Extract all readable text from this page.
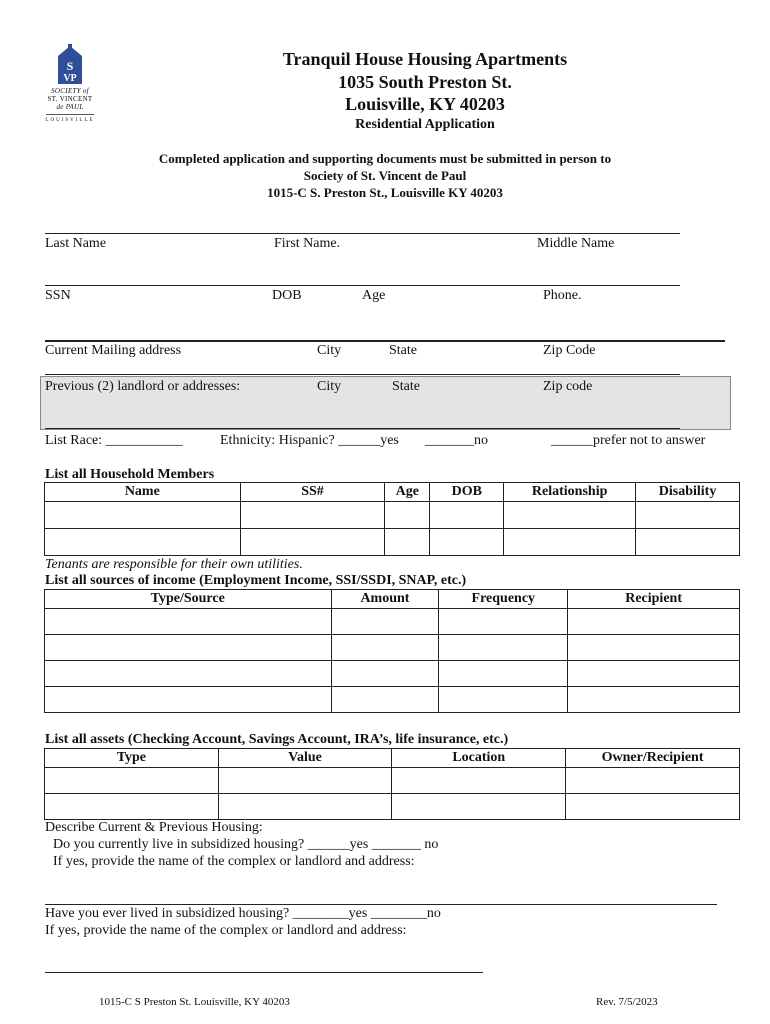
S
VP
SOCIETY of
ST. VINCENT
de PAUL
LOUISVILLE
Tranquil House Housing Apartments
1035 South Preston St.
Louisville, KY 40203
Residential Application
Completed application and supporting documents must be submitted in person to
Society of St. Vincent de Paul
1015-C S. Preston St., Louisville KY 40203
Last Name	First Name.	Middle Name
SSN	DOB	Age	Phone.
Current Mailing address	City	State	Zip Code
Previous (2) landlord or addresses:	City	State	Zip code
List Race: ___________	Ethnicity: Hispanic? ______yes _______no	______prefer not to answer
List all Household Members
Name	SS#	Age	DOB	Relationship	Disability

Tenants are responsible for their own utilities.
List all sources of income (Employment Income, SSI/SSDI, SNAP, etc.)
Type/Source	Amount	Frequency	Recipient

List all assets (Checking Account, Savings Account, IRA’s, life insurance, etc.)
Type	Value	Location	Owner/Recipient

Describe Current & Previous Housing:
Do you currently live in subsidized housing? ______yes _______ no
If yes, provide the name of the complex or landlord and address:
Have you ever lived in subsidized housing? ________yes ________no
If yes, provide the name of the complex or landlord and address:
1015-C S Preston St. Louisville, KY 40203	Rev. 7/5/2023
